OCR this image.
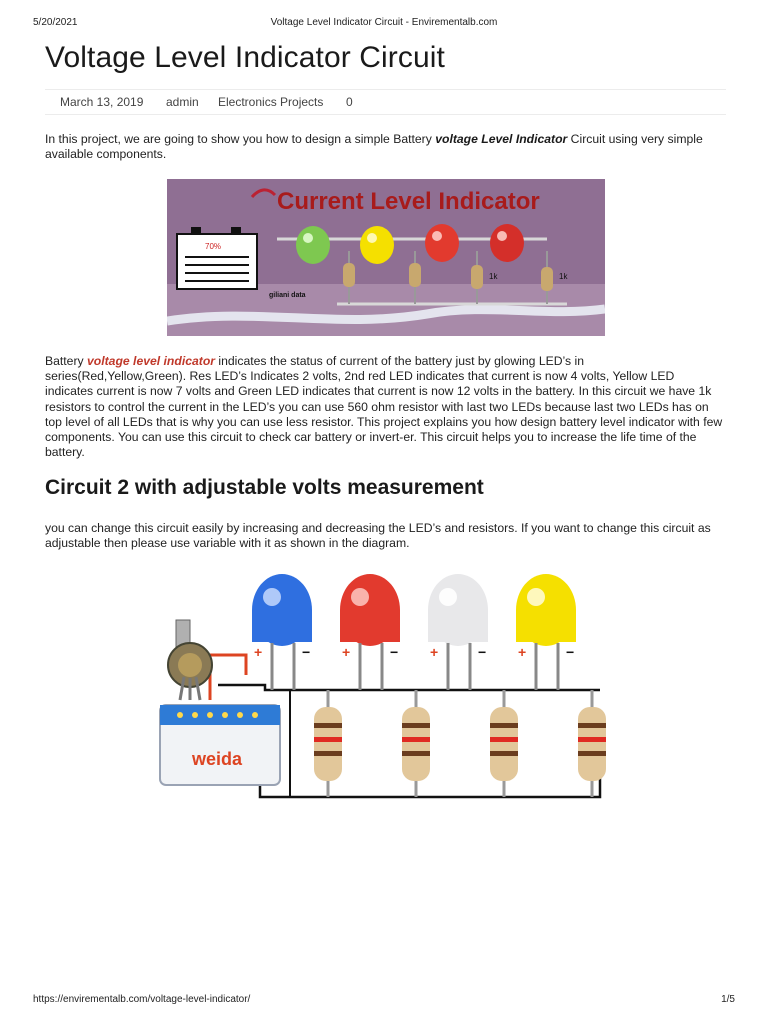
5/20/2021	Voltage Level Indicator Circuit - Envirementalb.com
Voltage Level Indicator Circuit
March 13, 2019 admin Electronics Projects 0

In this project, we are going to show you how to design a simple Battery voltage Level Indicator Circuit using very simple available components.

Current Level Indicator
70%
1k	1k
giliani data

Battery voltage level indicator indicates the status of current of the battery just by glowing LED’s in series(Red,Yellow,Green). Res LED’s Indicates 2 volts, 2nd red LED indicates that current is now 4 volts, Yellow LED indicates current is now 7 volts and Green LED indicates that current is now 12 volts in the battery. In this circuit we have 1k resistors to control the current in the LED’s you can use 560 ohm resistor with last two LEDs because last two LEDs has on top level of all LEDs that is why you can use less resistor. This project explains you how design battery level indicator with few components. You can use this circuit to check car battery or invert-er. This circuit helps you to increase the life time of the battery.

Circuit 2 with adjustable volts measurement

you can change this circuit easily by increasing and decreasing the LED’s and resistors. If you want to change this circuit as adjustable then please use variable with it as shown in the diagram.

weida
+	+	+	+
−	−	−	−
https://envirementalb.com/voltage-level-indicator/	1/5
